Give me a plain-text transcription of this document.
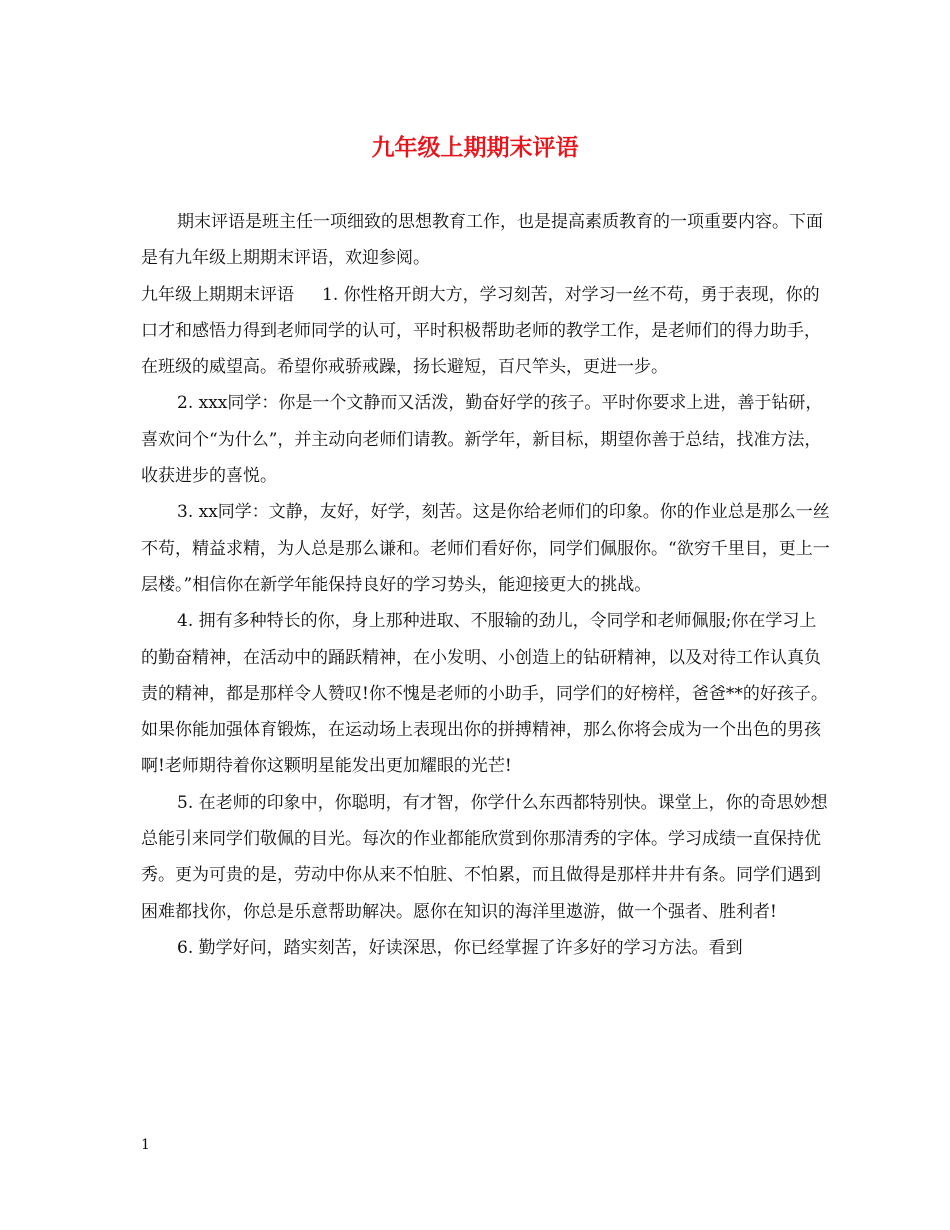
九年级上期期末评语

期末评语是班主任一项细致的思想教育工作，也是提高素质教育的一项重要内容。下面是有九年级上期期末评语，欢迎参阅。

九年级上期期末评语 1. 你性格开朗大方，学习刻苦，对学习一丝不苟，勇于表现，你的口才和感悟力得到老师同学的认可，平时积极帮助老师的教学工作，是老师们的得力助手，在班级的威望高。希望你戒骄戒躁，扬长避短，百尺竿头，更进一步。

2. xxx同学：你是一个文静而又活泼，勤奋好学的孩子。平时你要求上进，善于钻研，喜欢问个“为什么”，并主动向老师们请教。新学年，新目标，期望你善于总结，找准方法，收获进步的喜悦。

3. xx同学：文静，友好，好学，刻苦。这是你给老师们的印象。你的作业总是那么一丝不苟，精益求精，为人总是那么谦和。老师们看好你，同学们佩服你。“欲穷千里目，更上一层楼。”相信你在新学年能保持良好的学习势头，能迎接更大的挑战。

4. 拥有多种特长的你，身上那种进取、不服输的劲儿，令同学和老师佩服;你在学习上的勤奋精神，在活动中的踊跃精神，在小发明、小创造上的钻研精神，以及对待工作认真负责的精神，都是那样令人赞叹!你不愧是老师的小助手，同学们的好榜样，爸爸**的好孩子。如果你能加强体育锻炼，在运动场上表现出你的拼搏精神，那么你将会成为一个出色的男孩啊!老师期待着你这颗明星能发出更加耀眼的光芒!

5. 在老师的印象中，你聪明，有才智，你学什么东西都特别快。课堂上，你的奇思妙想总能引来同学们敬佩的目光。每次的作业都能欣赏到你那清秀的字体。学习成绩一直保持优秀。更为可贵的是，劳动中你从来不怕脏、不怕累，而且做得是那样井井有条。同学们遇到困难都找你，你总是乐意帮助解决。愿你在知识的海洋里遨游，做一个强者、胜利者!

6. 勤学好问，踏实刻苦，好读深思，你已经掌握了许多好的学习方法。看到

1
